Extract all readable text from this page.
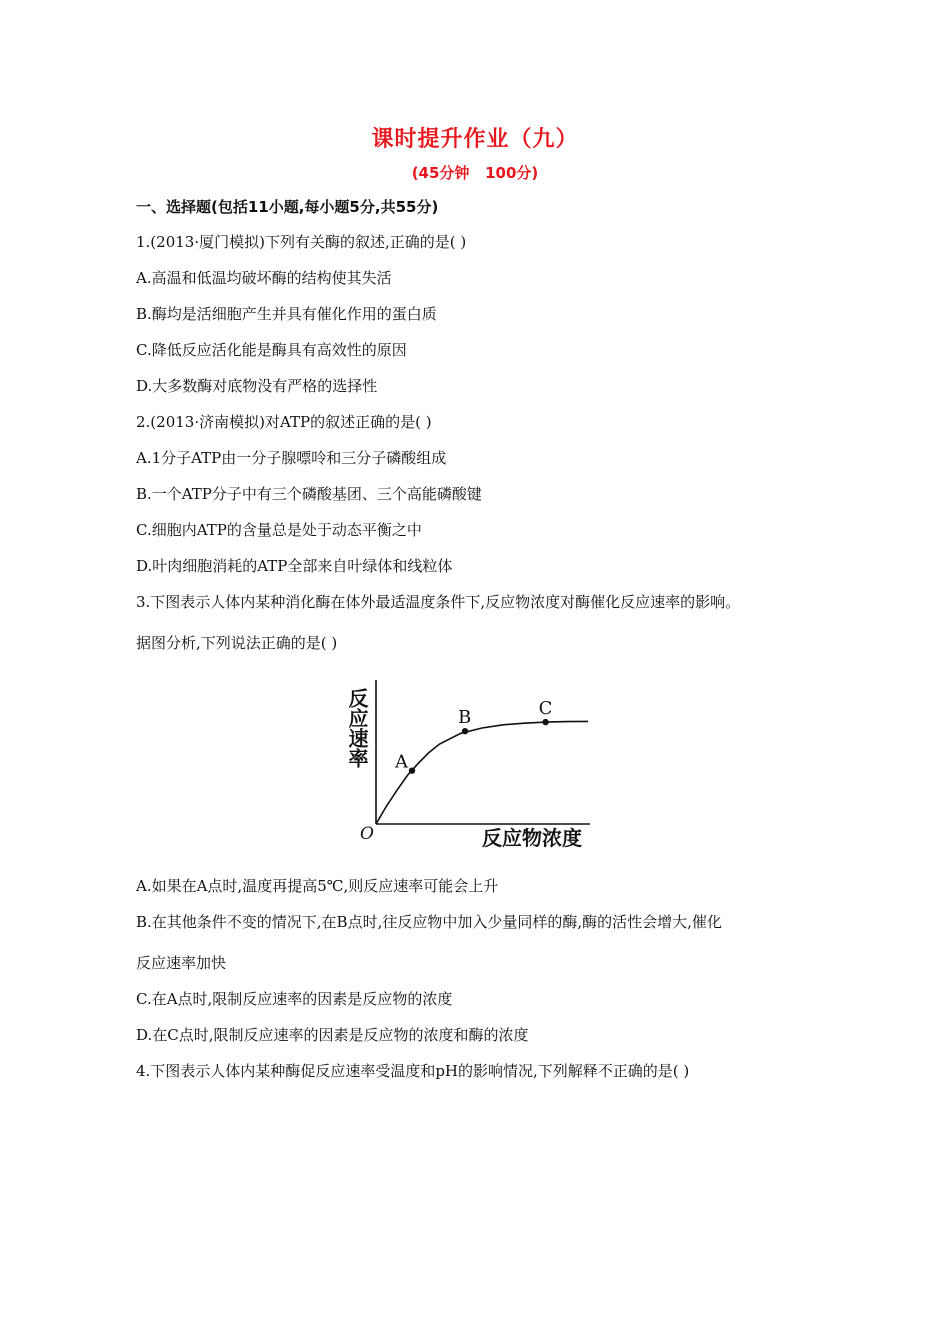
课时提升作业（九）
(45分钟   100分)
一、选择题(包括11小题,每小题5分,共55分)
1.(2013·厦门模拟)下列有关酶的叙述,正确的是( )
A.高温和低温均破坏酶的结构使其失活
B.酶均是活细胞产生并具有催化作用的蛋白质
C.降低反应活化能是酶具有高效性的原因
D.大多数酶对底物没有严格的选择性
2.(2013·济南模拟)对ATP的叙述正确的是( )
A.1分子ATP由一分子腺嘌呤和三分子磷酸组成
B.一个ATP分子中有三个磷酸基团、三个高能磷酸键
C.细胞内ATP的含量总是处于动态平衡之中
D.叶肉细胞消耗的ATP全部来自叶绿体和线粒体
3.下图表示人体内某种消化酶在体外最适温度条件下,反应物浓度对酶催化反应速率的影响。
据图分析,下列说法正确的是( )
反应速率
反应物浓度
O
A
B	C
A.如果在A点时,温度再提高5℃,则反应速率可能会上升
B.在其他条件不变的情况下,在B点时,往反应物中加入少量同样的酶,酶的活性会增大,催化
反应速率加快
C.在A点时,限制反应速率的因素是反应物的浓度
D.在C点时,限制反应速率的因素是反应物的浓度和酶的浓度
4.下图表示人体内某种酶促反应速率受温度和pH的影响情况,下列解释不正确的是( )
